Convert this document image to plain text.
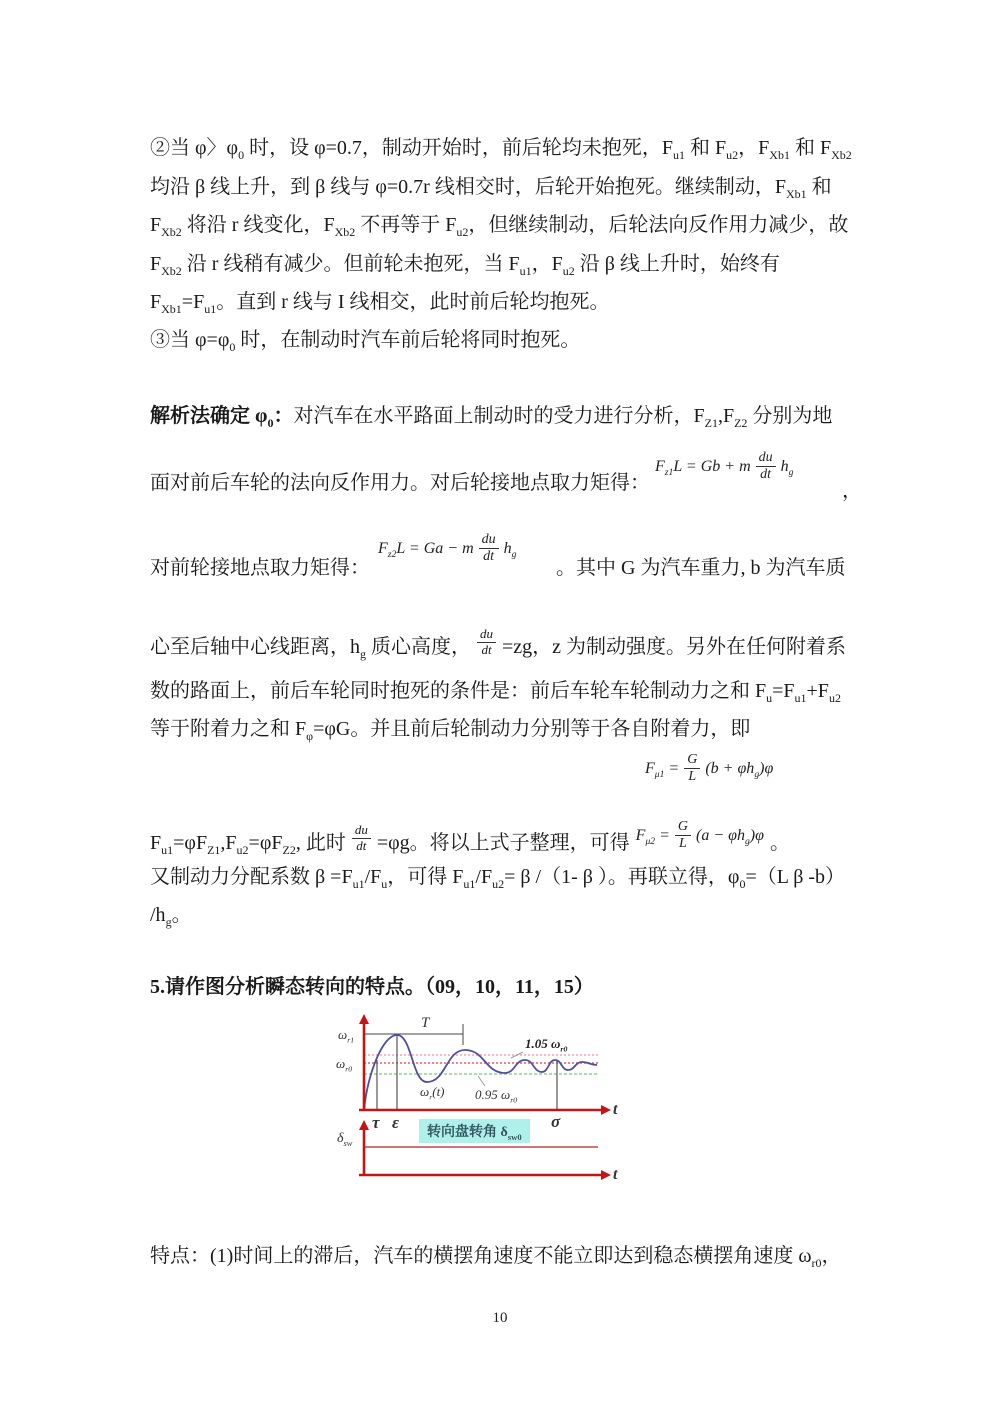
②当 φ〉$\varphi_0$ 时，设 φ=0.7，制动开始时，前后轮均未抱死，$F_{u1}$ 和 $F_{u2}$，$F_{Xb1}$ 和 $F_{Xb2}$
均沿 β 线上升，到 β 线与 φ=0.7r 线相交时，后轮开始抱死。继续制动，$F_{Xb1}$ 和
$F_{Xb2}$ 将沿 r 线变化，$F_{Xb2}$ 不再等于 $F_{u2}$，但继续制动，后轮法向反作用力减少，故
$F_{Xb2}$ 沿 r 线稍有减少。但前轮未抱死，当 $F_{u1}$，$F_{u2}$ 沿 β 线上升时，始终有
$F_{Xb1}=F_{u1}$。直到 r 线与 I 线相交，此时前后轮均抱死。
③当 $\varphi=\varphi_0$ 时，在制动时汽车前后轮将同时抱死。
解析法确定 $\varphi_0$：对汽车在水平路面上制动时的受力进行分析，$F_{Z1},F_{Z2}$ 分别为地
面对前后车轮的法向反作用力。对后轮接地点取力矩得：
$F_{z1}L = Gb + m \frac{du}{dt} h_g$
，
对前轮接地点取力矩得：
$F_{z2}L = Ga - m \frac{du}{dt} h_g$
。其中 G 为汽车重力, b 为汽车质
心至后轴中心线距离，$h_g$ 质心高度， $\frac{du}{dt} =zg$，z 为制动强度。另外在任何附着系
数的路面上，前后车轮同时抱死的条件是：前后车轮车轮制动力之和 $F_u=F_{u1}+F_{u2}$
等于附着力之和 $F_\varphi=\varphi G$。并且前后轮制动力分别等于各自附着力，即
$F_{\mu 1} = \frac{G}{L} (b + \varphi h_g)\varphi$
$F_{u1}=\varphi F_{Z1},F_{u2}=\varphi F_{Z2}$, 此时 $\frac{du}{dt} =\varphi g$。将以上式子整理，可得 $F_{\mu 2} = \frac{G}{L} (a - \varphi h_g)\varphi$ 。
又制动力分配系数 $\beta =F_{u1}/F_u$，可得 $F_{u1}/F_{u2}= \beta$ /（1- β ）。再联立得，$\varphi_0=(L$ β -b）
$/h_g$。
5.请作图分析瞬态转向的特点。（09，10，11，15）
$\omega_{r1}$
$\omega_{r0}$
T
1.05 $\omega_{r0}$
$\omega_r(t)$ 0.95 $\omega_{r0}$
τ ε	σ
t
$\delta_{sw}$
转向盘转角 $\delta_{sw0}$
t
特点：(1)时间上的滞后，汽车的横摆角速度不能立即达到稳态横摆角速度 $\omega_{r0}$，
10
